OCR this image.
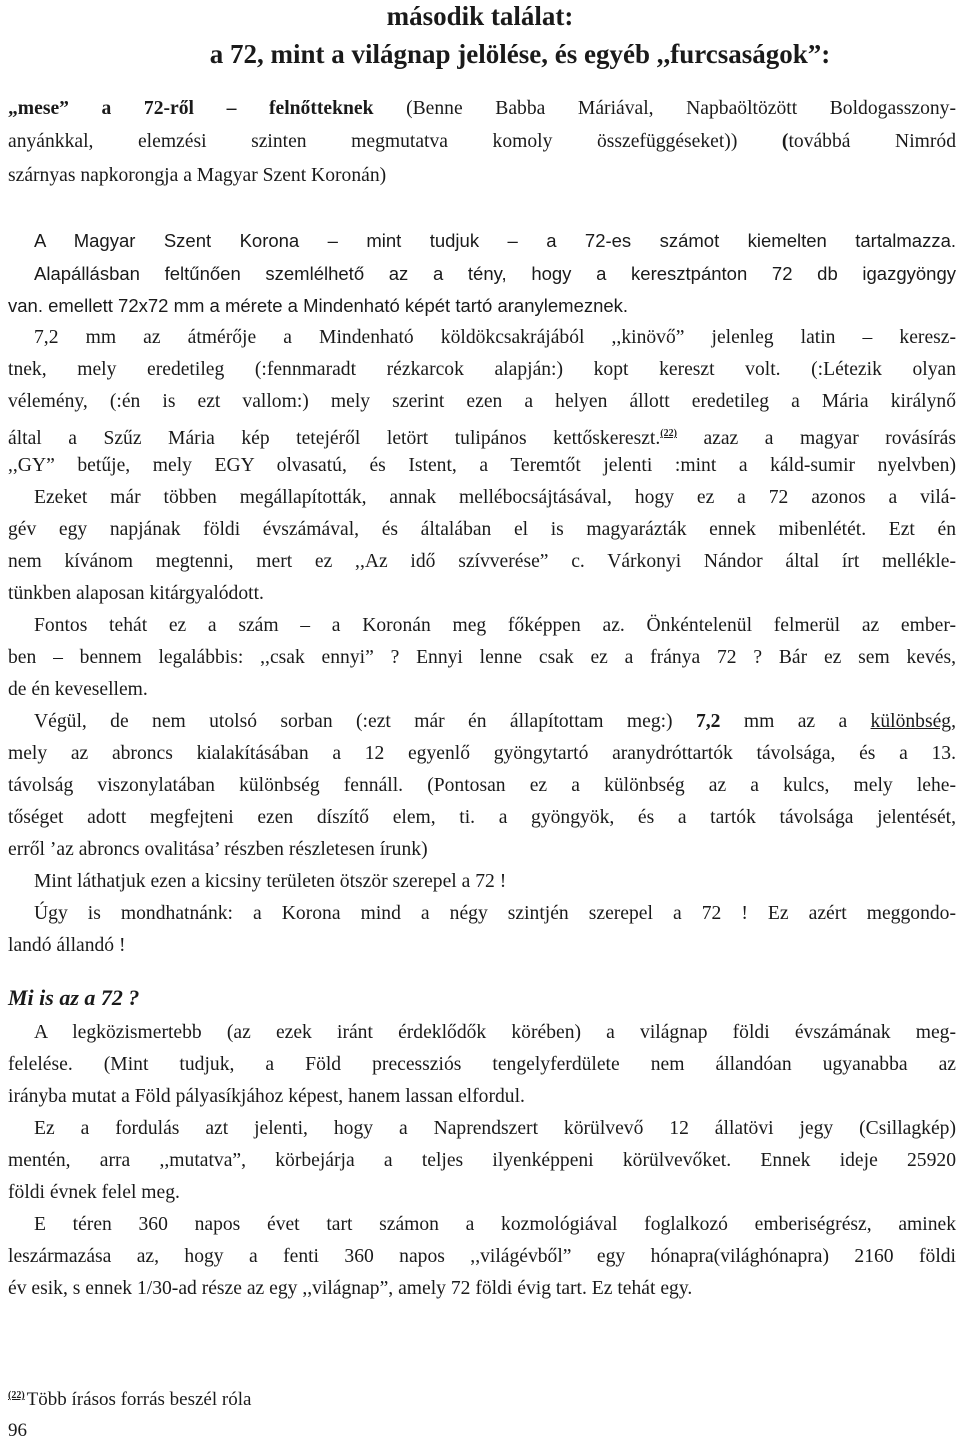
második találat:
a 72, mint a világnap jelölése, és egyéb ,,furcsaságok”:
„mese” a 72-ről – felnőtteknek (Benne Babba Máriával, Napbaöltözött Boldogasszony-
anyánkkal, elemzési szinten megmutatva komoly összefüggéseket)) (továbbá Nimród
szárnyas napkorongja a Magyar Szent Koronán)
A Magyar Szent Korona – mint tudjuk – a 72-es számot kiemelten tartalmazza.
Alapállásban feltűnően szemlélhető az a tény, hogy a keresztpánton 72 db igazgyöngy
van. emellett 72x72 mm a mérete a Mindenható képét tartó aranylemeznek.
7,2 mm az átmérője a Mindenható köldökcsakrájából ,,kinövő” jelenleg latin – keresz-
tnek, mely eredetileg (:fennmaradt rézkarcok alapján:) kopt kereszt volt. (:Létezik olyan
vélemény, (:én is ezt vallom:) mely szerint ezen a helyen állott eredetileg a Mária királynő
által a Szűz Mária kép tetejéről letört tulipános kettőskereszt.$^{(22)}$ azaz a magyar rovásírás
,,GY” betűje, mely EGY olvasatú, és Istent, a Teremtőt jelenti :mint a káld-sumir nyelvben)
Ezeket már többen megállapították, annak mellébocsájtásával, hogy ez a 72 azonos a vilá-
gév egy napjának földi évszámával, és általában el is magyarázták ennek mibenlétét. Ezt én
nem kívánom megtenni, mert ez ,,Az idő szívverése” c. Várkonyi Nándor által írt mellékle-
tünkben alaposan kitárgyalódott.
Fontos tehát ez a szám – a Koronán meg főképpen az. Önkéntelenül felmerül az ember-
ben – bennem legalábbis: ,,csak ennyi” ? Ennyi lenne csak ez a fránya 72 ? Bár ez sem kevés,
de én kevesellem.
Végül, de nem utolsó sorban (:ezt már én állapítottam meg:) 7,2 mm az a különbség,
mely az abroncs kialakításában a 12 egyenlő gyöngytartó aranydróttartók távolsága, és a 13.
távolság viszonylatában különbség fennáll. (Pontosan ez a különbség az a kulcs, mely lehe-
tőséget adott megfejteni ezen díszítő elem, ti. a gyöngyök, és a tartók távolsága jelentését,
erről ’az abroncs ovalitása’ részben részletesen írunk)
Mint láthatjuk ezen a kicsiny területen ötször szerepel a 72 !
Úgy is mondhatnánk: a Korona mind a négy szintjén szerepel a 72 ! Ez azért meggondo-
landó állandó !
Mi is az a 72 ?
A legközismertebb (az ezek iránt érdeklődők körében) a világnap földi évszámának meg-
felelése. (Mint tudjuk, a Föld precessziós tengelyferdülete nem állandóan ugyanabba az
irányba mutat a Föld pályasíkjához képest, hanem lassan elfordul.
Ez a fordulás azt jelenti, hogy a Naprendszert körülvevő 12 állatövi jegy (Csillagkép)
mentén, arra ,,mutatva”, körbejárja a teljes ilyenképpeni körülvevőket. Ennek ideje 25920
földi évnek felel meg.
E téren 360 napos évet tart számon a kozmológiával foglalkozó emberiségrész, aminek
leszármazása az, hogy a fenti 360 napos ,,világévből” egy hónapra(világhónapra) 2160 földi
év esik, s ennek 1/30-ad része az egy ,,világnap”, amely 72 földi évig tart. Ez tehát egy.
$^{(22)}$ Több írásos forrás beszél róla
96
